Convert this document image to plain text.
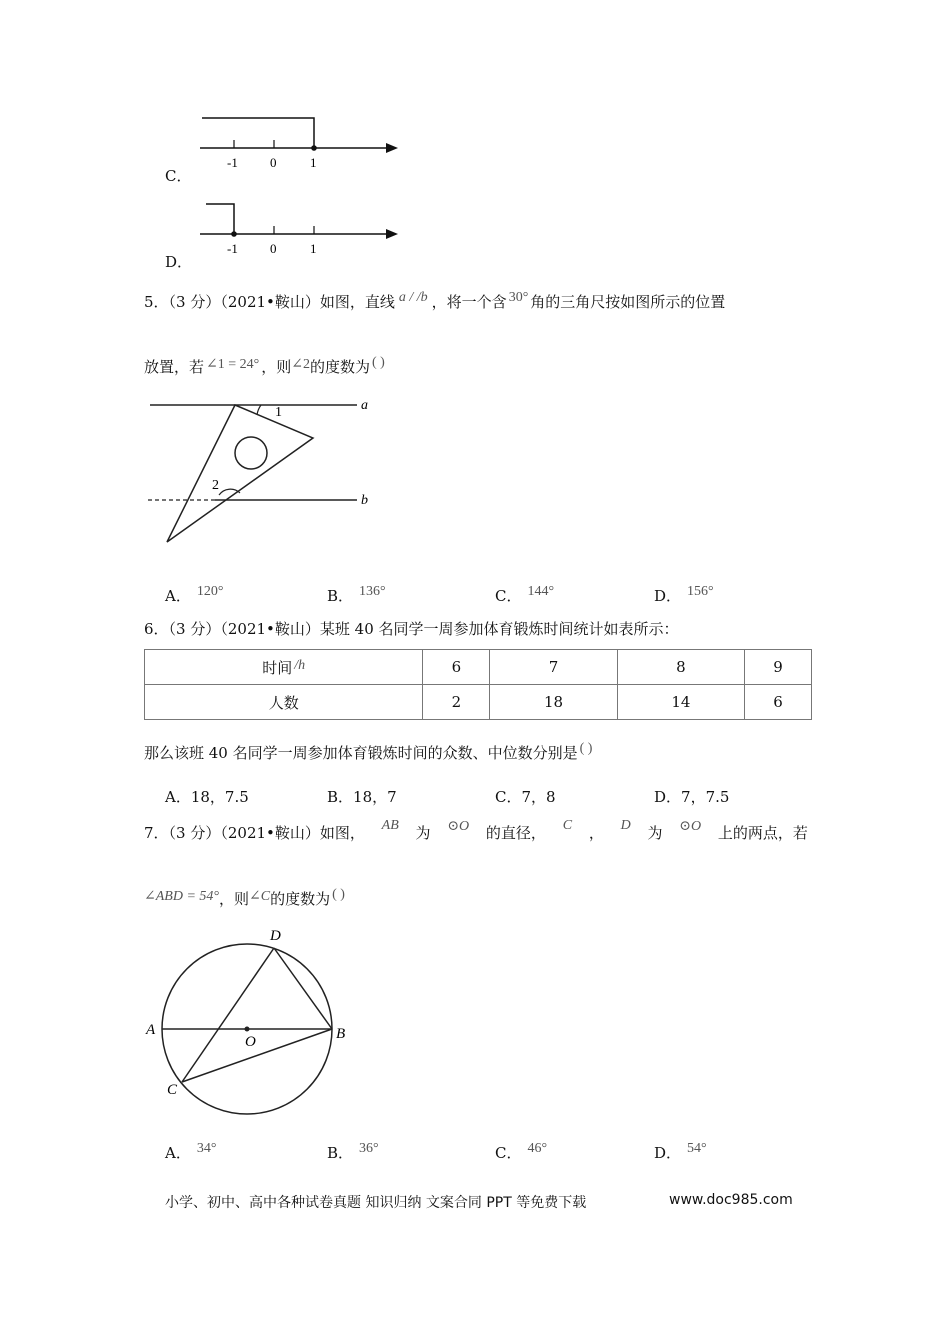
-1 0	1
C．
-1 0	1
D．
5．（3 分）（2021•鞍山）如图，直线 a / /b ，将一个含 30° 角的三角尺按如图所示的位置
放置，若 ∠1 = 24° ，则∠2的度数为 ( )
1
2
a
b
A． 120°	B． 136°	C． 144°	D． 156°
6．（3 分）（2021•鞍山）某班 40 名同学一周参加体育锻炼时间统计如表所示：
时间 /h	6	7	8	9
人数	2	18	14	6
那么该班 40 名同学一周参加体育锻炼时间的众数、中位数分别是 ( )
A．18，7.5	B．18，7	C．7，8	D．7，7.5
7．（3 分）（2021•鞍山）如图， AB 为 ⊙O 的直径， C ， D 为 ⊙O 上的两点，若
∠ABD = 54°，则∠C的度数为 ( )
D
A	B
O
C
A． 34°	B． 36°	C． 46°	D． 54°
小学、初中、高中各种试卷真题 知识归纳 文案合同 PPT 等免费下载	www.doc985.com
